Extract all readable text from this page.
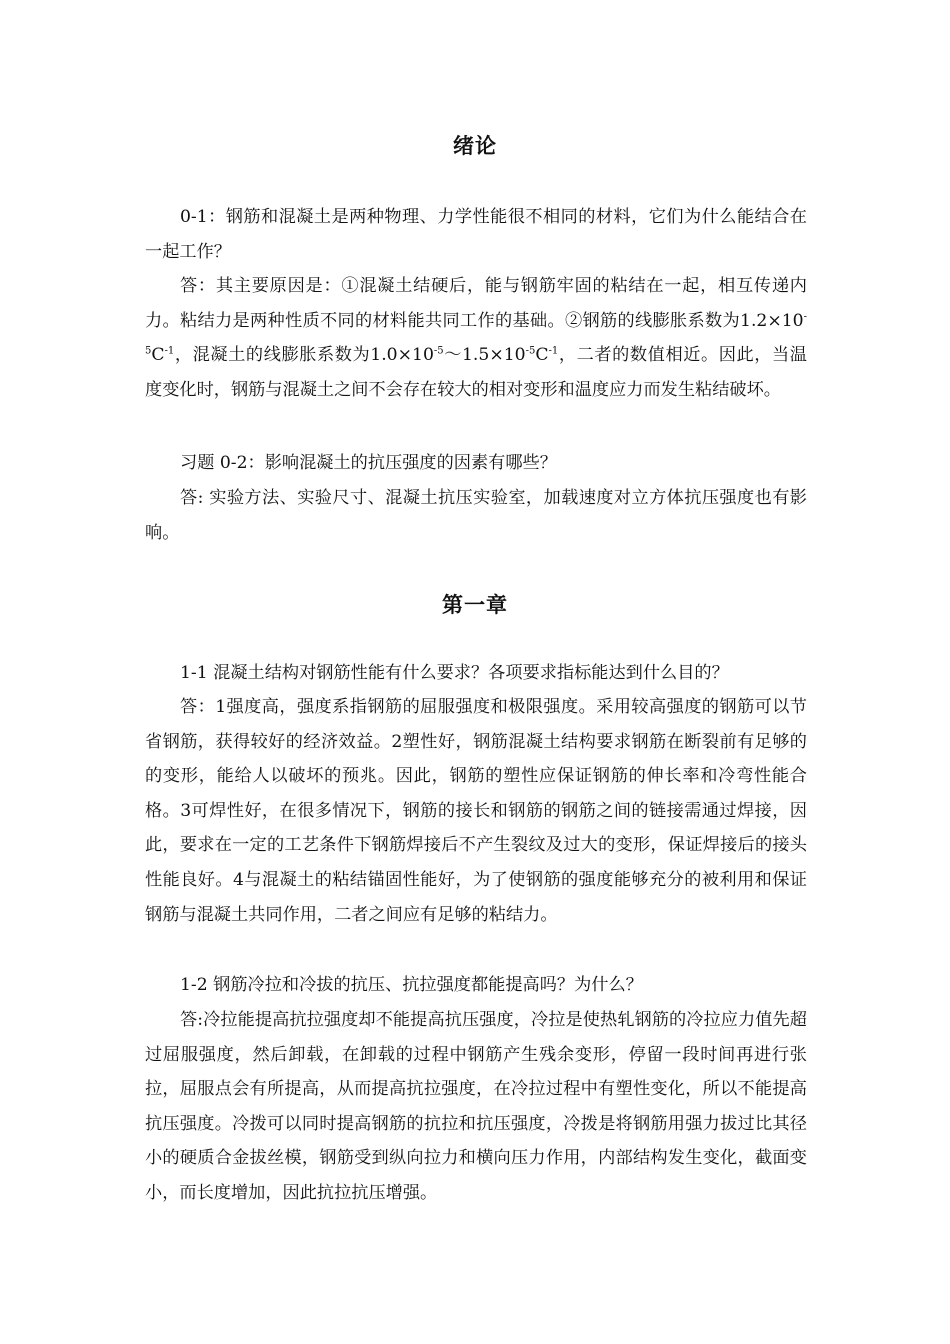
绪论

0-1：钢筋和混凝土是两种物理、力学性能很不相同的材料，它们为什么能结合在一起工作？

答：其主要原因是：①混凝土结硬后，能与钢筋牢固的粘结在一起，相互传递内力。粘结力是两种性质不同的材料能共同工作的基础。②钢筋的线膨胀系数为$1.2\times 10^{-5}C^{-1}$，混凝土的线膨胀系数为$1.0\times 10^{-5}\sim 1.5\times 10^{-5}C^{-1}$，二者的数值相近。因此，当温度变化时，钢筋与混凝土之间不会存在较大的相对变形和温度应力而发生粘结破坏。

习题 0-2：影响混凝土的抗压强度的因素有哪些？

答: 实验方法、实验尺寸、混凝土抗压实验室，加载速度对立方体抗压强度也有影响。

第一章

1-1 混凝土结构对钢筋性能有什么要求？各项要求指标能达到什么目的？

答：1强度高，强度系指钢筋的屈服强度和极限强度。采用较高强度的钢筋可以节省钢筋，获得较好的经济效益。2塑性好，钢筋混凝土结构要求钢筋在断裂前有足够的的变形，能给人以破坏的预兆。因此，钢筋的塑性应保证钢筋的伸长率和冷弯性能合格。3可焊性好，在很多情况下，钢筋的接长和钢筋的钢筋之间的链接需通过焊接，因此，要求在一定的工艺条件下钢筋焊接后不产生裂纹及过大的变形，保证焊接后的接头性能良好。4与混凝土的粘结锚固性能好，为了使钢筋的强度能够充分的被利用和保证钢筋与混凝土共同作用，二者之间应有足够的粘结力。

1-2 钢筋冷拉和冷拔的抗压、抗拉强度都能提高吗？为什么？

答:冷拉能提高抗拉强度却不能提高抗压强度，冷拉是使热轧钢筋的冷拉应力值先超过屈服强度，然后卸载，在卸载的过程中钢筋产生残余变形，停留一段时间再进行张拉，屈服点会有所提高，从而提高抗拉强度，在冷拉过程中有塑性变化，所以不能提高抗压强度。冷拨可以同时提高钢筋的抗拉和抗压强度，冷拨是将钢筋用强力拔过比其径小的硬质合金拔丝模，钢筋受到纵向拉力和横向压力作用，内部结构发生变化，截面变小，而长度增加，因此抗拉抗压增强。
